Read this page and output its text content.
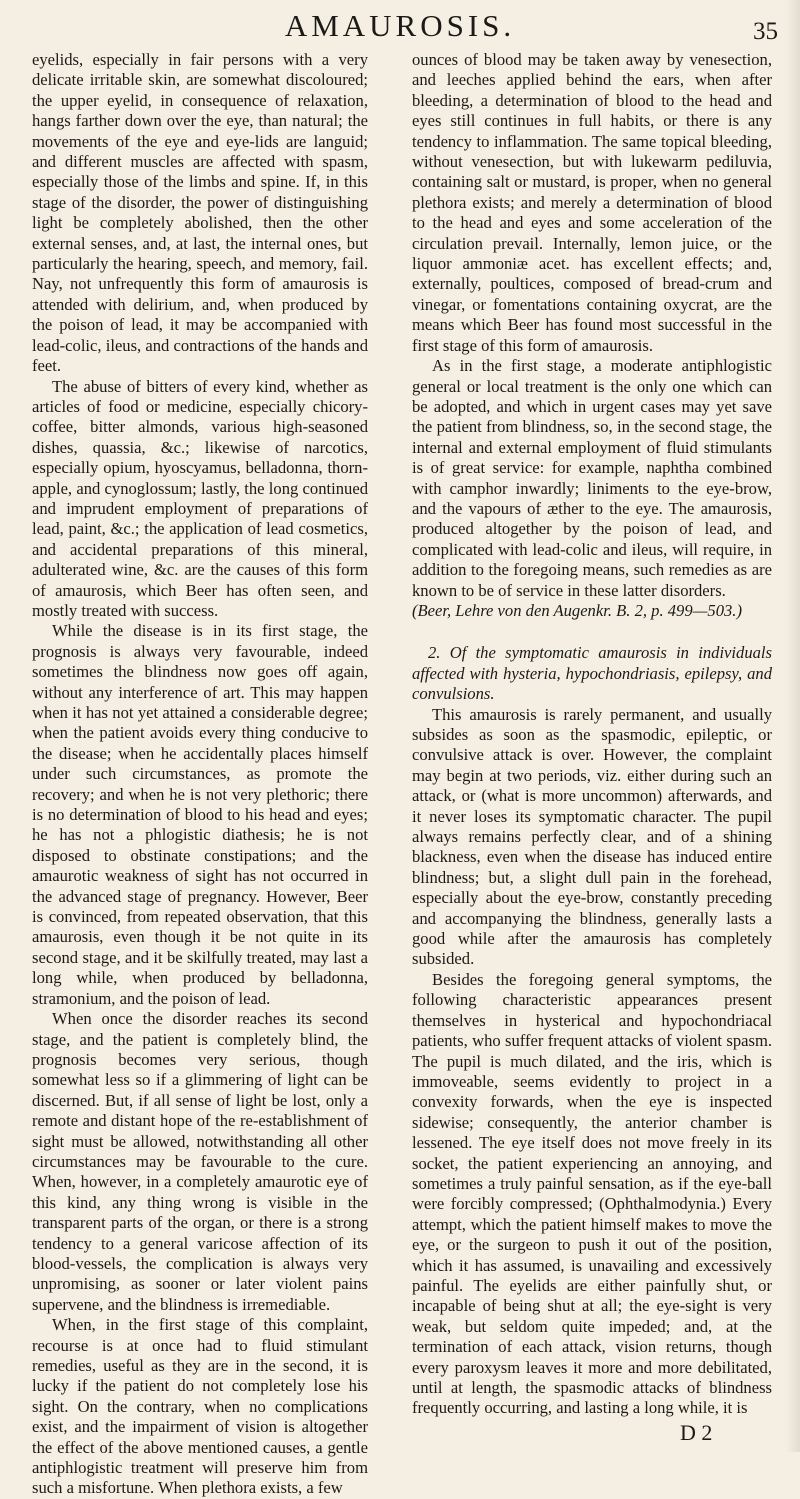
AMAUROSIS.	35

eyelids, especially in fair persons with a very delicate irritable skin, are somewhat discoloured; the upper eyelid, in consequence of relaxation, hangs farther down over the eye, than natural; the movements of the eye and eye-lids are languid; and different muscles are affected with spasm, especially those of the limbs and spine. If, in this stage of the disorder, the power of distinguishing light be completely abolished, then the other external senses, and, at last, the internal ones, but particularly the hearing, speech, and memory, fail. Nay, not unfrequently this form of amaurosis is attended with delirium, and, when produced by the poison of lead, it may be accompanied with lead-colic, ileus, and contractions of the hands and feet.

The abuse of bitters of every kind, whether as articles of food or medicine, especially chicory-coffee, bitter almonds, various high-seasoned dishes, quassia, &c.; likewise of narcotics, especially opium, hyoscyamus, belladonna, thorn-apple, and cynoglossum; lastly, the long continued and imprudent employment of preparations of lead, paint, &c.; the application of lead cosmetics, and accidental preparations of this mineral, adulterated wine, &c. are the causes of this form of amaurosis, which Beer has often seen, and mostly treated with success.

While the disease is in its first stage, the prognosis is always very favourable, indeed sometimes the blindness now goes off again, without any interference of art. This may happen when it has not yet attained a considerable degree; when the patient avoids every thing conducive to the disease; when he accidentally places himself under such circumstances, as promote the recovery; and when he is not very plethoric; there is no determination of blood to his head and eyes; he has not a phlogistic diathesis; he is not disposed to obstinate constipations; and the amaurotic weakness of sight has not occurred in the advanced stage of pregnancy. However, Beer is convinced, from repeated observation, that this amaurosis, even though it be not quite in its second stage, and it be skilfully treated, may last a long while, when produced by belladonna, stramonium, and the poison of lead.

When once the disorder reaches its second stage, and the patient is completely blind, the prognosis becomes very serious, though somewhat less so if a glimmering of light can be discerned. But, if all sense of light be lost, only a remote and distant hope of the re-establishment of sight must be allowed, notwithstanding all other circumstances may be favourable to the cure. When, however, in a completely amaurotic eye of this kind, any thing wrong is visible in the transparent parts of the organ, or there is a strong tendency to a general varicose affection of its blood-vessels, the complication is always very unpromising, as sooner or later violent pains supervene, and the blindness is irremediable.

When, in the first stage of this complaint, recourse is at once had to fluid stimulant remedies, useful as they are in the second, it is lucky if the patient do not completely lose his sight. On the contrary, when no complications exist, and the impairment of vision is altogether the effect of the above mentioned causes, a gentle antiphlogistic treatment will preserve him from such a misfortune. When plethora exists, a few

ounces of blood may be taken away by venesection, and leeches applied behind the ears, when after bleeding, a determination of blood to the head and eyes still continues in full habits, or there is any tendency to inflammation. The same topical bleeding, without venesection, but with lukewarm pediluvia, containing salt or mustard, is proper, when no general plethora exists; and merely a determination of blood to the head and eyes and some acceleration of the circulation prevail. Internally, lemon juice, or the liquor ammoniæ acet. has excellent effects; and, externally, poultices, composed of bread-crum and vinegar, or fomentations containing oxycrat, are the means which Beer has found most successful in the first stage of this form of amaurosis.

As in the first stage, a moderate antiphlogistic general or local treatment is the only one which can be adopted, and which in urgent cases may yet save the patient from blindness, so, in the second stage, the internal and external employment of fluid stimulants is of great service: for example, naphtha combined with camphor inwardly; liniments to the eye-brow, and the vapours of æther to the eye. The amaurosis, produced altogether by the poison of lead, and complicated with lead-colic and ileus, will require, in addition to the foregoing means, such remedies as are known to be of service in these latter disorders.

(Beer, Lehre von den Augenkr. B. 2, p. 499—503.)

2. Of the symptomatic amaurosis in individuals affected with hysteria, hypochondriasis, epilepsy, and convulsions.

This amaurosis is rarely permanent, and usually subsides as soon as the spasmodic, epileptic, or convulsive attack is over. However, the complaint may begin at two periods, viz. either during such an attack, or (what is more uncommon) afterwards, and it never loses its symptomatic character. The pupil always remains perfectly clear, and of a shining blackness, even when the disease has induced entire blindness; but, a slight dull pain in the forehead, especially about the eye-brow, constantly preceding and accompanying the blindness, generally lasts a good while after the amaurosis has completely subsided.

Besides the foregoing general symptoms, the following characteristic appearances present themselves in hysterical and hypochondriacal patients, who suffer frequent attacks of violent spasm. The pupil is much dilated, and the iris, which is immoveable, seems evidently to project in a convexity forwards, when the eye is inspected sidewise; consequently, the anterior chamber is lessened. The eye itself does not move freely in its socket, the patient experiencing an annoying, and sometimes a truly painful sensation, as if the eye-ball were forcibly compressed; (Ophthalmodynia.) Every attempt, which the patient himself makes to move the eye, or the surgeon to push it out of the position, which it has assumed, is unavailing and excessively painful. The eyelids are either painfully shut, or incapable of being shut at all; the eye-sight is very weak, but seldom quite impeded; and, at the termination of each attack, vision returns, though every paroxysm leaves it more and more debilitated, until at length, the spasmodic attacks of blindness frequently occurring, and lasting a long while, it is

D 2
